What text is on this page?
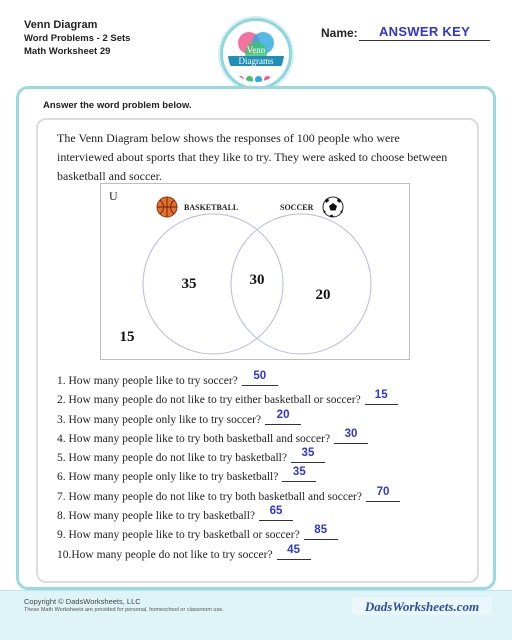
Venn Diagram
Word Problems - 2 Sets
Math Worksheet 29	Venn
Diagrams
Name:	ANSWER KEY
Answer the word problem below.
The Venn Diagram below shows the responses of 100 people who were interviewed about sports that they like to try. They were asked to choose between basketball and soccer.
U
BASKETBALL	SOCCER
35	30
20
15
1. How many people like to try soccer?	50
2. How many people do not like to try either basketball or soccer?	15
3. How many people only like to try soccer?	20
4. How many people like to try both basketball and soccer?	30
5. How many people do not like to try basketball?	35
6. How many people only like to try basketball?	35
7. How many people do not like to try both basketball and soccer?	70
8. How many people like to try basketball?	65
9. How many people like to try basketball or soccer?	85
10.How many people do not like to try soccer?	45
Copyright © DadsWorksheets, LLC
These Math Worksheets are provided for personal, homeschool or classroom use.	DadsWorksheets.com
